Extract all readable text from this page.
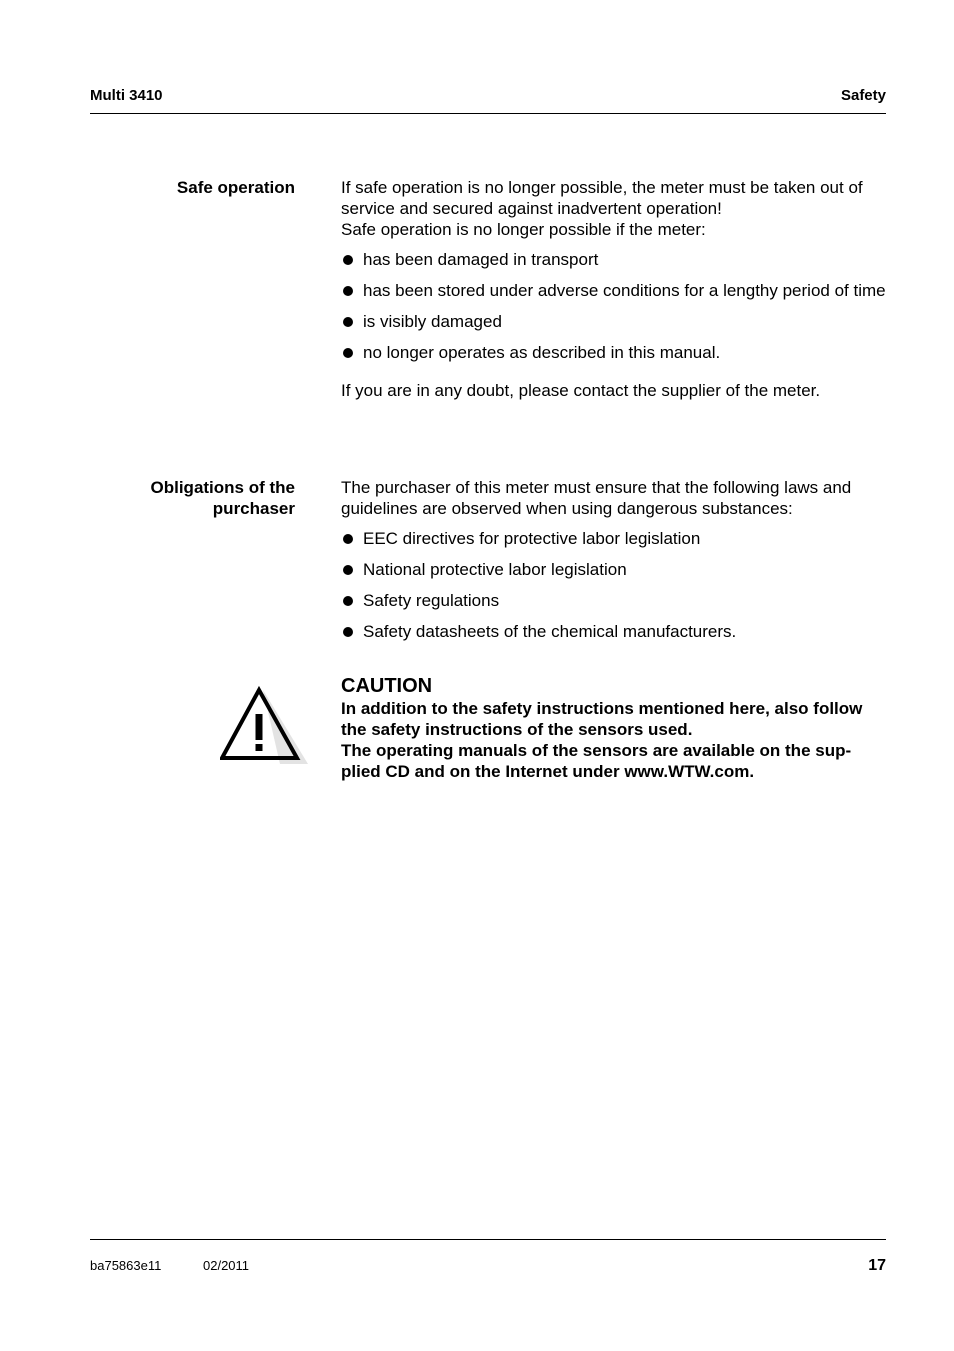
Multi 3410	Safety
Safe operation	If safe operation is no longer possible, the meter must be taken out of service and secured against inadvertent operation!

Safe operation is no longer possible if the meter:

has been damaged in transport
has been stored under adverse conditions for a lengthy period of time
is visibly damaged
no longer operates as described in this manual.

If you are in any doubt, please contact the supplier of the meter.

Obligations of the
purchaser

The purchaser of this meter must ensure that the following laws and guidelines are observed when using dangerous substances:

EEC directives for protective labor legislation
National protective labor legislation
Safety regulations
Safety datasheets of the chemical manufacturers.
CAUTION
In addition to the safety instructions mentioned here, also follow the safety instructions of the sensors used.
The operating manuals of the sensors are available on the sup-plied CD and on the Internet under www.WTW.com.
ba75863e11	02/2011	17
